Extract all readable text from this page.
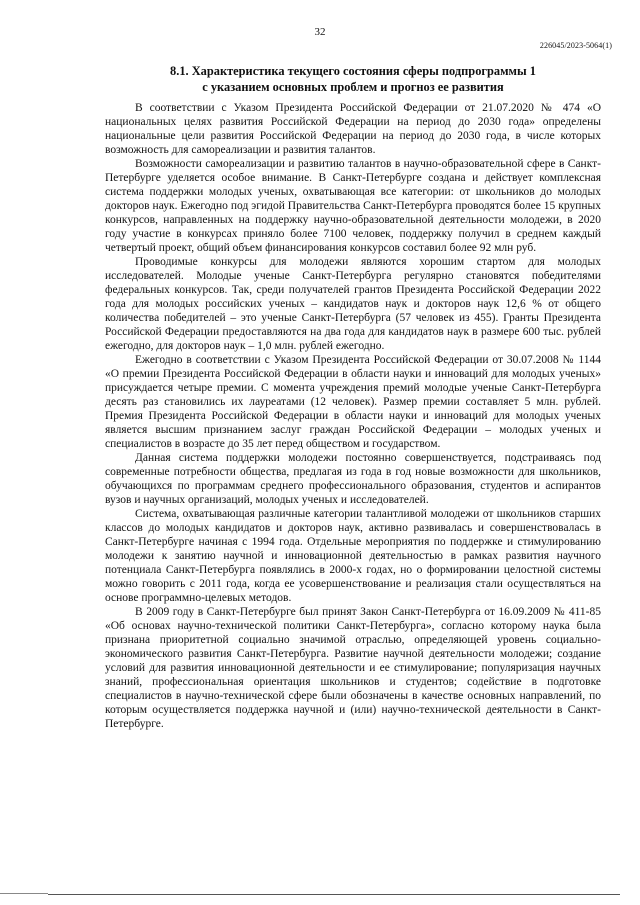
32
226045/2023-5064(1)
8.1. Характеристика текущего состояния сферы подпрограммы 1
с указанием основных проблем и прогноз ее развития

В соответствии с Указом Президента Российской Федерации от 21.07.2020 № 474 «О национальных целях развития Российской Федерации на период до 2030 года» определены национальные цели развития Российской Федерации на период до 2030 года, в числе которых возможность для самореализации и развития талантов.

Возможности самореализации и развитию талантов в научно-образовательной сфере в Санкт-Петербурге уделяется особое внимание. В Санкт-Петербурге создана и действует комплексная система поддержки молодых ученых, охватывающая все категории: от школьников до молодых докторов наук. Ежегодно под эгидой Правительства Санкт-Петербурга проводятся более 15 крупных конкурсов, направленных на поддержку научно-образовательной деятельности молодежи, в 2020 году участие в конкурсах приняло более 7100 человек, поддержку получил в среднем каждый четвертый проект, общий объем финансирования конкурсов составил более 92 млн руб.

Проводимые конкурсы для молодежи являются хорошим стартом для молодых исследователей. Молодые ученые Санкт-Петербурга регулярно становятся победителями федеральных конкурсов. Так, среди получателей грантов Президента Российской Федерации 2022 года для молодых российских ученых – кандидатов наук и докторов наук 12,6 % от общего количества победителей – это ученые Санкт-Петербурга (57 человек из 455). Гранты Президента Российской Федерации предоставляются на два года для кандидатов наук в размере 600 тыс. рублей ежегодно, для докторов наук – 1,0 млн. рублей ежегодно.

Ежегодно в соответствии с Указом Президента Российской Федерации от 30.07.2008 № 1144 «О премии Президента Российской Федерации в области науки и инноваций для молодых ученых» присуждается четыре премии. С момента учреждения премий молодые ученые Санкт-Петербурга десять раз становились их лауреатами (12 человек). Размер премии составляет 5 млн. рублей. Премия Президента Российской Федерации в области науки и инноваций для молодых ученых является высшим признанием заслуг граждан Российской Федерации – молодых ученых и специалистов в возрасте до 35 лет перед обществом и государством.

Данная система поддержки молодежи постоянно совершенствуется, подстраиваясь под современные потребности общества, предлагая из года в год новые возможности для школьников, обучающихся по программам среднего профессионального образования, студентов и аспирантов вузов и научных организаций, молодых ученых и исследователей.

Система, охватывающая различные категории талантливой молодежи от школьников старших классов до молодых кандидатов и докторов наук, активно развивалась и совершенствовалась в Санкт-Петербурге начиная с 1994 года. Отдельные мероприятия по поддержке и стимулированию молодежи к занятию научной и инновационной деятельностью в рамках развития научного потенциала Санкт-Петербурга появлялись в 2000-х годах, но о формировании целостной системы можно говорить с 2011 года, когда ее усовершенствование и реализация стали осуществляться на основе программно-целевых методов.

В 2009 году в Санкт-Петербурге был принят Закон Санкт-Петербурга от 16.09.2009 № 411-85 «Об основах научно-технической политики Санкт-Петербурга», согласно которому наука была признана приоритетной социально значимой отраслью, определяющей уровень социально-экономического развития Санкт-Петербурга. Развитие научной деятельности молодежи; создание условий для развития инновационной деятельности и ее стимулирование; популяризация научных знаний, профессиональная ориентация школьников и студентов; содействие в подготовке специалистов в научно-технической сфере были обозначены в качестве основных направлений, по которым осуществляется поддержка научной и (или) научно-технической деятельности в Санкт-Петербурге.
